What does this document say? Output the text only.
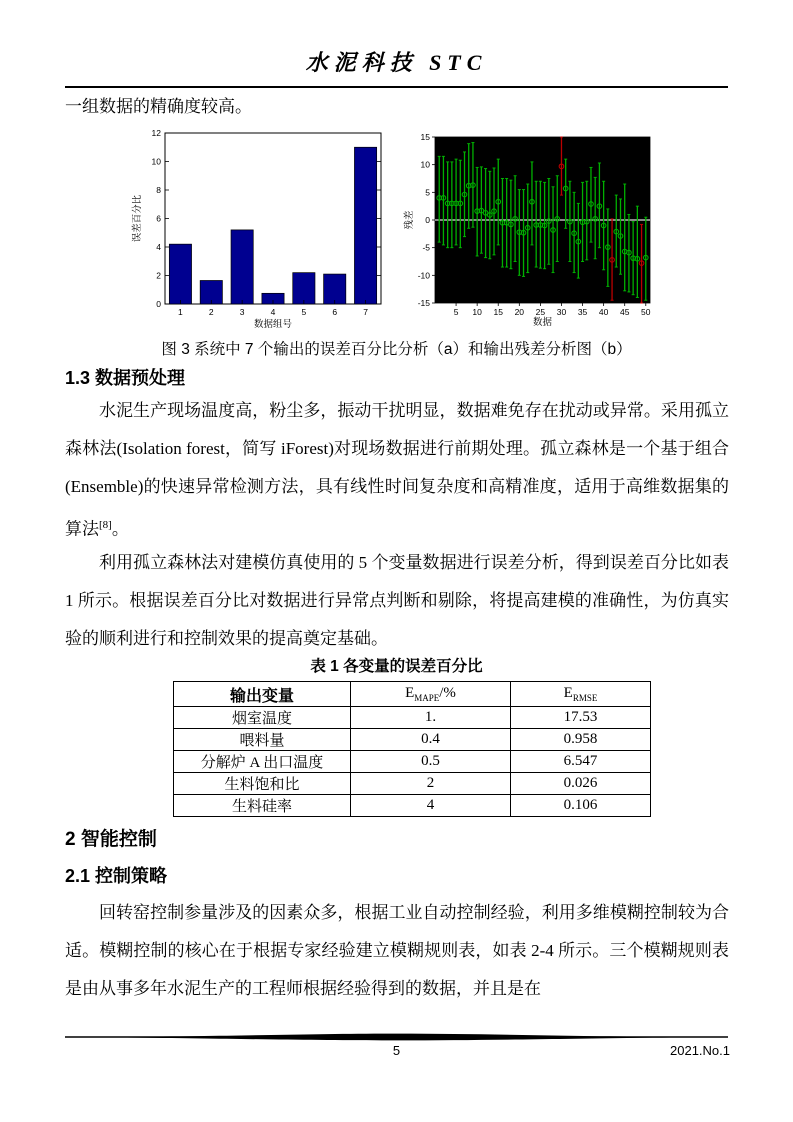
水泥科技 STC
一组数据的精确度较高。
0
2
4
6
8
10
12
1	2	3	4	5	6	7
数据组号
误差百分比
-15
-10
-5
0
5
10
15
5 10 15 20 25 30 35 40 45 50
数据
残差
图 3 系统中 7 个输出的误差百分比分析（a）和输出残差分析图（b）
1.3 数据预处理

水泥生产现场温度高，粉尘多，振动干扰明显，数据难免存在扰动或异常。采用孤立森林法(Isolation forest，简写 iForest)对现场数据进行前期处理。孤立森林是一个基于组合(Ensemble)的快速异常检测方法，具有线性时间复杂度和高精准度，适用于高维数据集的算法[8]。

利用孤立森林法对建模仿真使用的 5 个变量数据进行误差分析，得到误差百分比如表 1 所示。根据误差百分比对数据进行异常点判断和剔除，将提高建模的准确性，为仿真实验的顺利进行和控制效果的提高奠定基础。

表 1 各变量的误差百分比
输出变量	$E_{MAPE}/\%$	$E_{RMSE}$
烟室温度	1.	17.53
喂料量	0.4	0.958
分解炉 A 出口温度	0.5	6.547
生料饱和比	2	0.026
生料硅率	4	0.106
2 智能控制
2.1 控制策略

回转窑控制参量涉及的因素众多，根据工业自动控制经验，利用多维模糊控制较为合适。模糊控制的核心在于根据专家经验建立模糊规则表，如表 2-4 所示。三个模糊规则表是由从事多年水泥生产的工程师根据经验得到的数据，并且是在

5	2021.No.1
